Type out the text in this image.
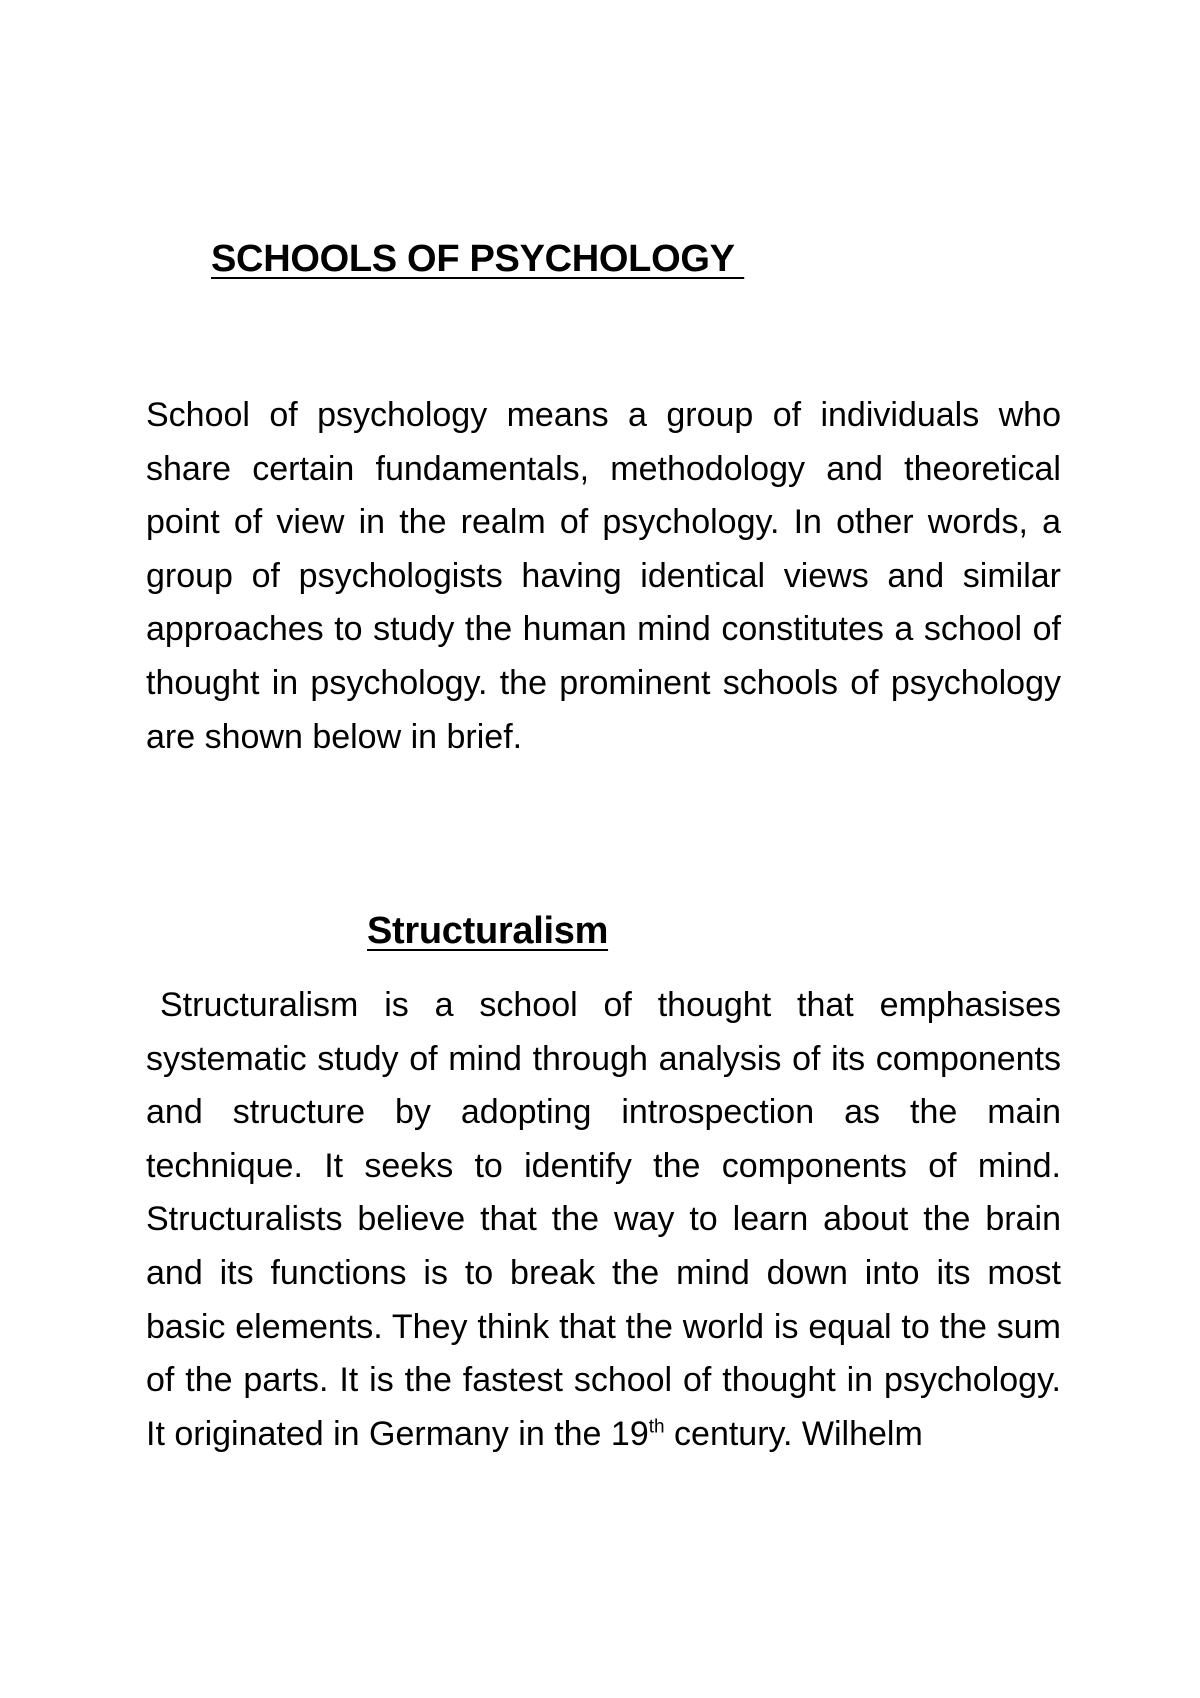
SCHOOLS OF PSYCHOLOGY

School of psychology means a group of individuals who share certain fundamentals, methodology and theoretical point of view in the realm of psychology. In other words, a group of psychologists having identical views and similar approaches to study the human mind constitutes a school of thought in psychology. the prominent schools of psychology are shown below in brief.

Structuralism

Structuralism is a school of thought that emphasises systematic study of mind through analysis of its components and structure by adopting introspection as the main technique. It seeks to identify the components of mind. Structuralists believe that the way to learn about the brain and its functions is to break the mind down into its most basic elements. They think that the world is equal to the sum of the parts. It is the fastest school of thought in psychology. It originated in Germany in the 19th century. Wilhelm
